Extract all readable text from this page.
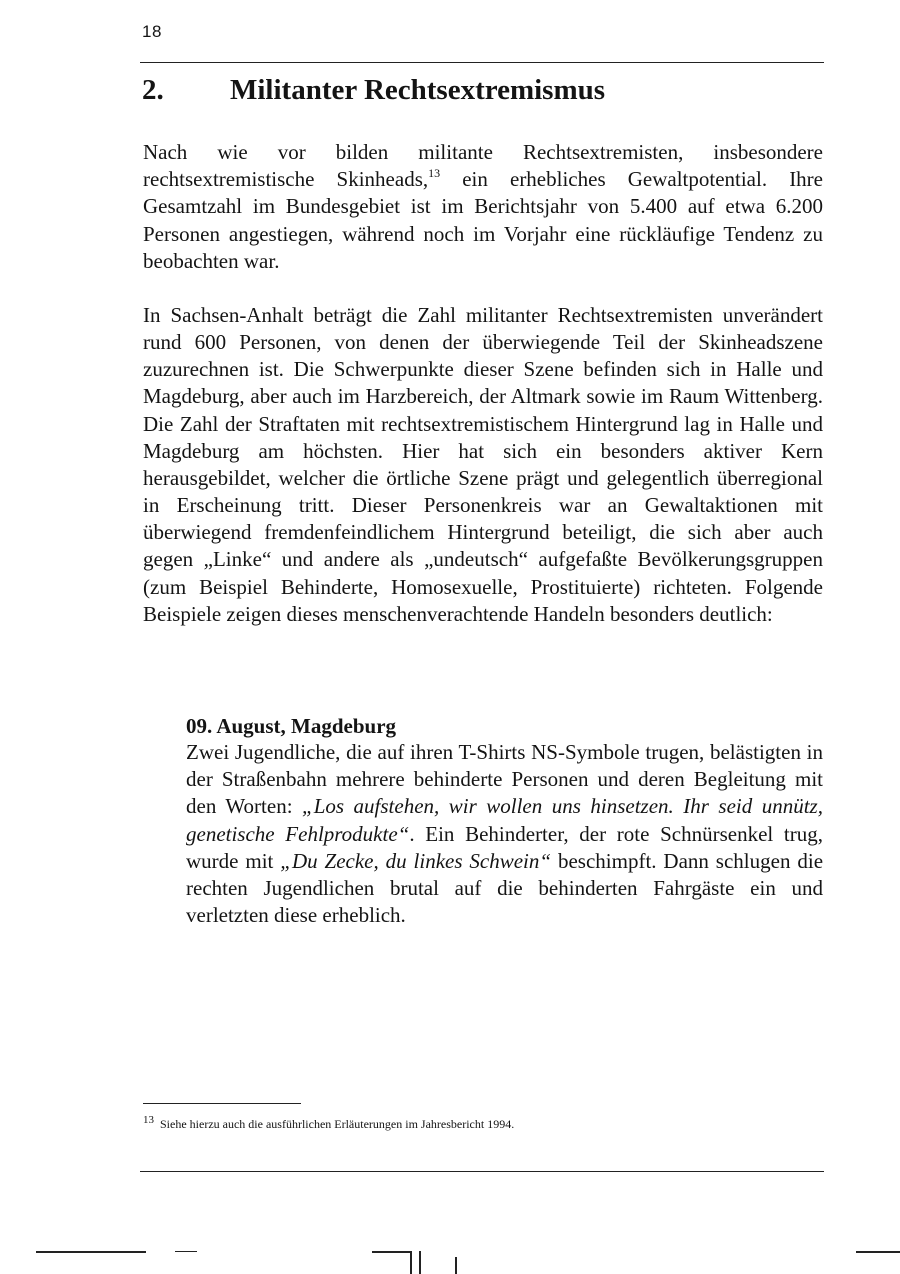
18
2. Militanter Rechtsextremismus

Nach wie vor bilden militante Rechtsextremisten, insbesondere rechtsextremistische Skinheads,$^{13}$ ein erhebliches Gewaltpotential. Ihre Gesamtzahl im Bundesgebiet ist im Berichtsjahr von 5.400 auf etwa 6.200 Personen angestiegen, während noch im Vorjahr eine rückläufige Tendenz zu beobachten war.

In Sachsen-Anhalt beträgt die Zahl militanter Rechtsextremisten unverändert rund 600 Personen, von denen der überwiegende Teil der Skinheadszene zuzurechnen ist. Die Schwerpunkte dieser Szene befinden sich in Halle und Magdeburg, aber auch im Harzbereich, der Altmark sowie im Raum Wittenberg. Die Zahl der Straftaten mit rechtsextremistischem Hintergrund lag in Halle und Magdeburg am höchsten. Hier hat sich ein besonders aktiver Kern herausgebildet, welcher die örtliche Szene prägt und gelegentlich überregional in Erscheinung tritt. Dieser Personenkreis war an Gewaltaktionen mit überwiegend fremdenfeindlichem Hintergrund beteiligt, die sich aber auch gegen „Linke“ und andere als „undeutsch“ aufgefaßte Bevölkerungsgruppen (zum Beispiel Behinderte, Homosexuelle, Prostituierte) richteten. Folgende Beispiele zeigen dieses menschenverachtende Handeln besonders deutlich:

09. August, Magdeburg

Zwei Jugendliche, die auf ihren T-Shirts NS-Symbole trugen, belästigten in der Straßenbahn mehrere behinderte Personen und deren Begleitung mit den Worten: „Los aufstehen, wir wollen uns hinsetzen. Ihr seid unnütz, genetische Fehlprodukte“. Ein Behinderter, der rote Schnürsenkel trug, wurde mit „Du Zecke, du linkes Schwein“ beschimpft. Dann schlugen die rechten Jugendlichen brutal auf die behinderten Fahrgäste ein und verletzten diese erheblich.

$^{13}$ Siehe hierzu auch die ausführlichen Erläuterungen im Jahresbericht 1994.
